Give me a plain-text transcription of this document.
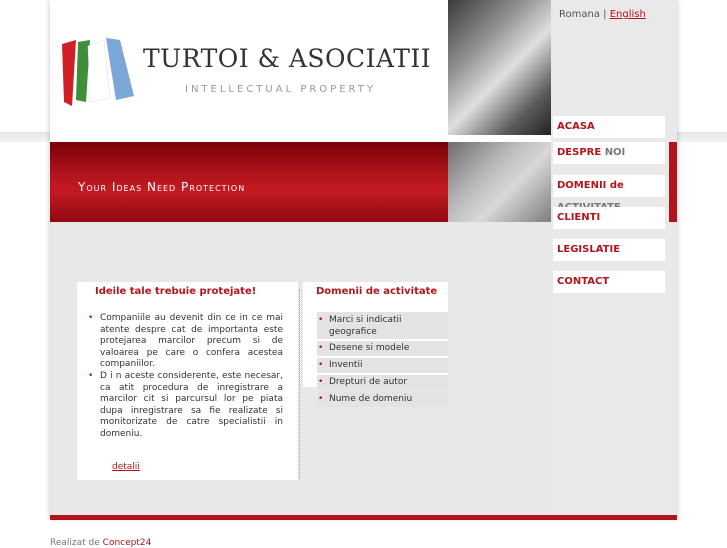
TURTOI & ASOCIATII
INTELLECTUAL PROPERTY
Your Ideas Need Protection
Romana | English
ACASA
DESPRE NOI
DOMENII de
CLIENTI
LEGISLATIE
CONTACT
Ideile tale trebuie protejate!
• Companiile au devenit din ce in ce mai atente despre cat de importanta este protejarea marcilor precum si de valoarea pe care o confera acestea companiilor.
• D i n aceste considerente, este necesar, ca atit procedura de inregistrare a marcilor cit si parcursul lor pe piata dupa inregistrare sa fie realizate si monitorizate de catre specialistii in domeniu.
detalii
Domenii de activitate
• Marci si indicatii geografice
• Desene si modele
• Inventii
• Drepturi de autor
• Nume de domeniu
Realizat de Concept24
